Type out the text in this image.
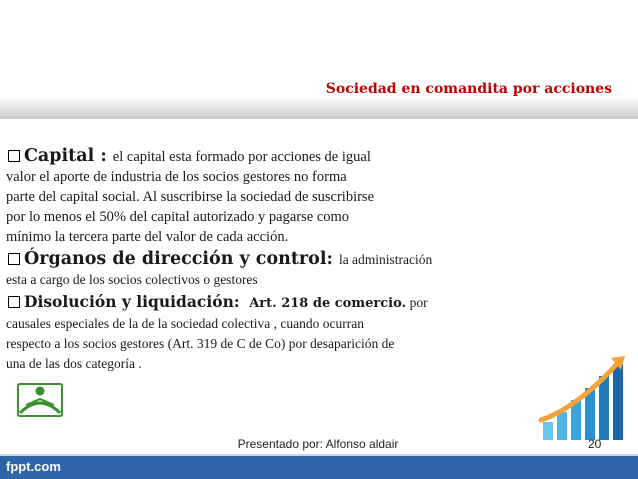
Sociedad en comandita por acciones
Capital : el capital esta formado por acciones de igual
valor el aporte de industria de los socios gestores no forma
parte del capital social. Al suscribirse la sociedad de suscribirse
por lo menos el 50% del capital autorizado y pagarse como
mínimo la tercera parte del valor de cada acción.
Órganos de dirección y control: la administración
esta a cargo de los socios colectivos o gestores
Disolución y liquidación: Art. 218 de comercio. por
causales especiales de la de la sociedad colectiva , cuando ocurran
respecto a los socios gestores (Art. 319 de C de Co) por desaparición de
una de las dos categoría .
Presentado por: Alfonso aldair	20
fppt.com
